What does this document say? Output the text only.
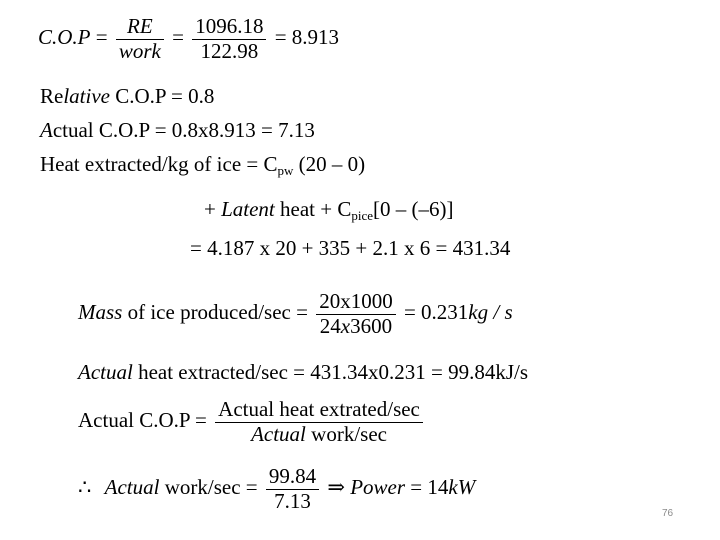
$C.O.P = \frac{RE}{\text{work}} = \frac{1096.18}{122.98} = 8.913$
Relative C.O.P = 0.8
Actual C.O.P = 0.8x8.913 = 7.13
Heat extracted/kg of ice = $C_{pw}$ (20 – 0)
+ Latent heat + $C_{pice}[0 - (-6)]$
= 4.187 x 20 + 335 + 2.1 x 6 = 431.34
Mass of ice produced/sec = $\frac{20x1000}{24x3600} = 0.231kg / s$
Actual heat extracted/sec = 431.34x0.231 = 99.84kJ/s
Actual $C.O.P = \frac{\text{Actual heat extrated/sec}}{\text{Actual work/sec}}$
∴ Actual work/sec = $\frac{99.84}{7.13}$ ⇒ Power = 14kW
76
